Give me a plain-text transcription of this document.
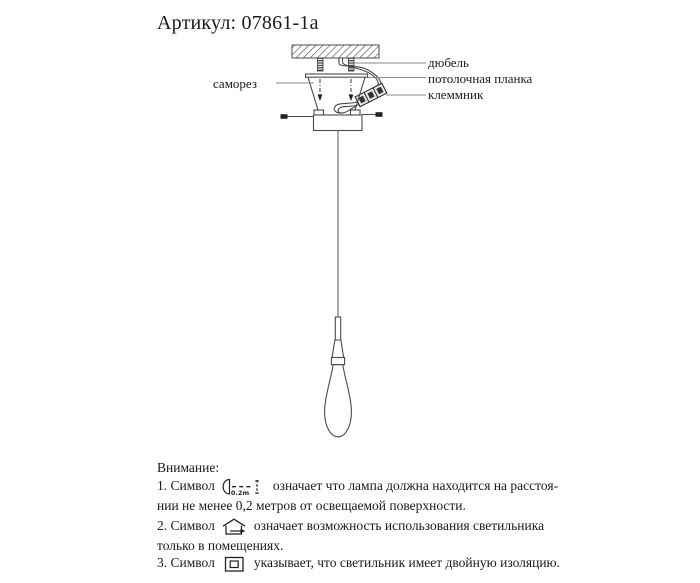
Артикул: 07861-1a
саморез
дюбель
потолочная планка
клеммник
Внимание:
1. Символ 0.2m означает что лампа должна находится на расстоя-
нии не менее 0,2 метров от освещаемой поверхности.
2. Символ	означает возможность использования светильника
только в помещениях.
3. Символ	указывает, что светильник имеет двойную изоляцию.
